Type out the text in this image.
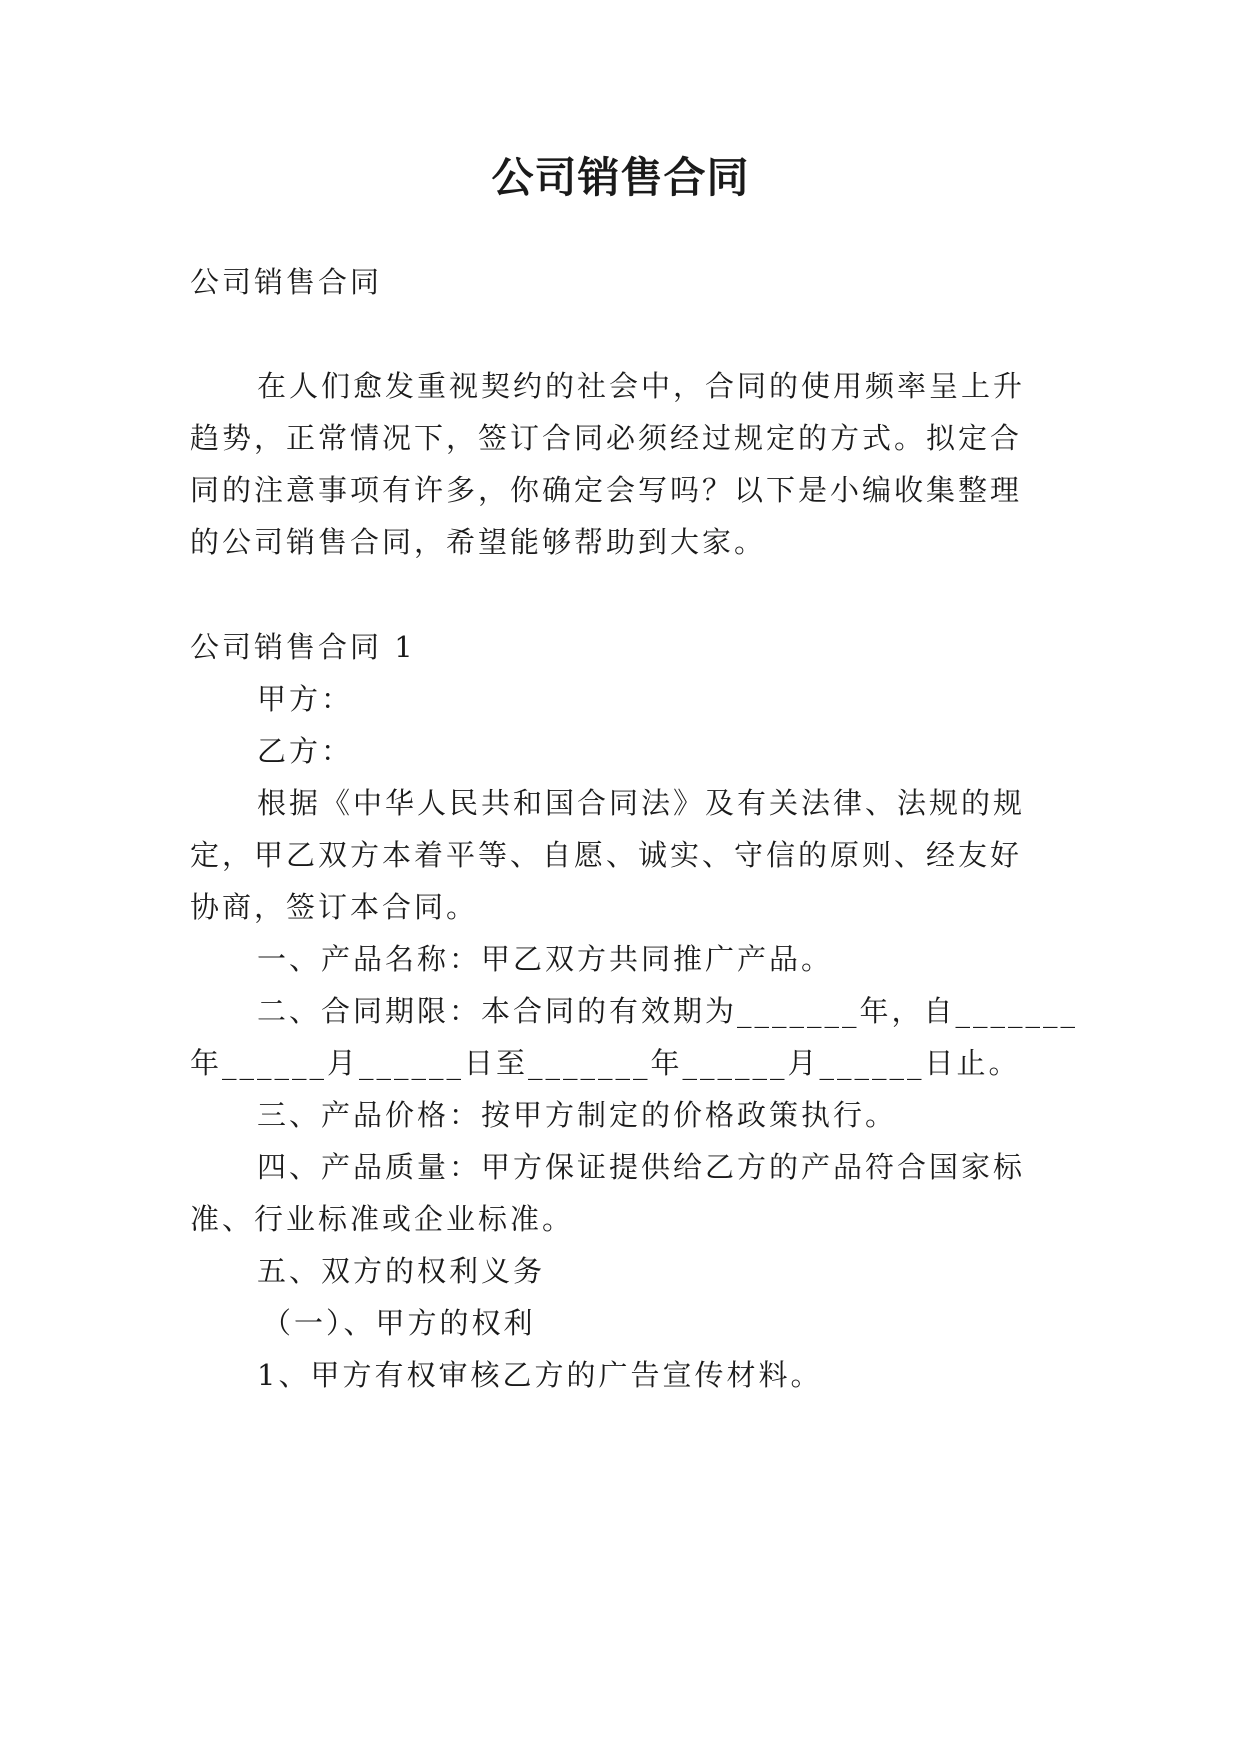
公司销售合同
公司销售合同
在人们愈发重视契约的社会中，合同的使用频率呈上升
趋势，正常情况下，签订合同必须经过规定的方式。拟定合
同的注意事项有许多，你确定会写吗？以下是小编收集整理
的公司销售合同，希望能够帮助到大家。
公司销售合同 1
甲方：
乙方：
根据《中华人民共和国合同法》及有关法律、法规的规
定，甲乙双方本着平等、自愿、诚实、守信的原则、经友好
协商，签订本合同。
一、产品名称：甲乙双方共同推广产品。
二、合同期限：本合同的有效期为_______年，自_______
年______月______日至_______年______月______日止。
三、产品价格：按甲方制定的价格政策执行。
四、产品质量：甲方保证提供给乙方的产品符合国家标
准、行业标准或企业标准。
五、双方的权利义务
（一）、甲方的权利
1、甲方有权审核乙方的广告宣传材料。
